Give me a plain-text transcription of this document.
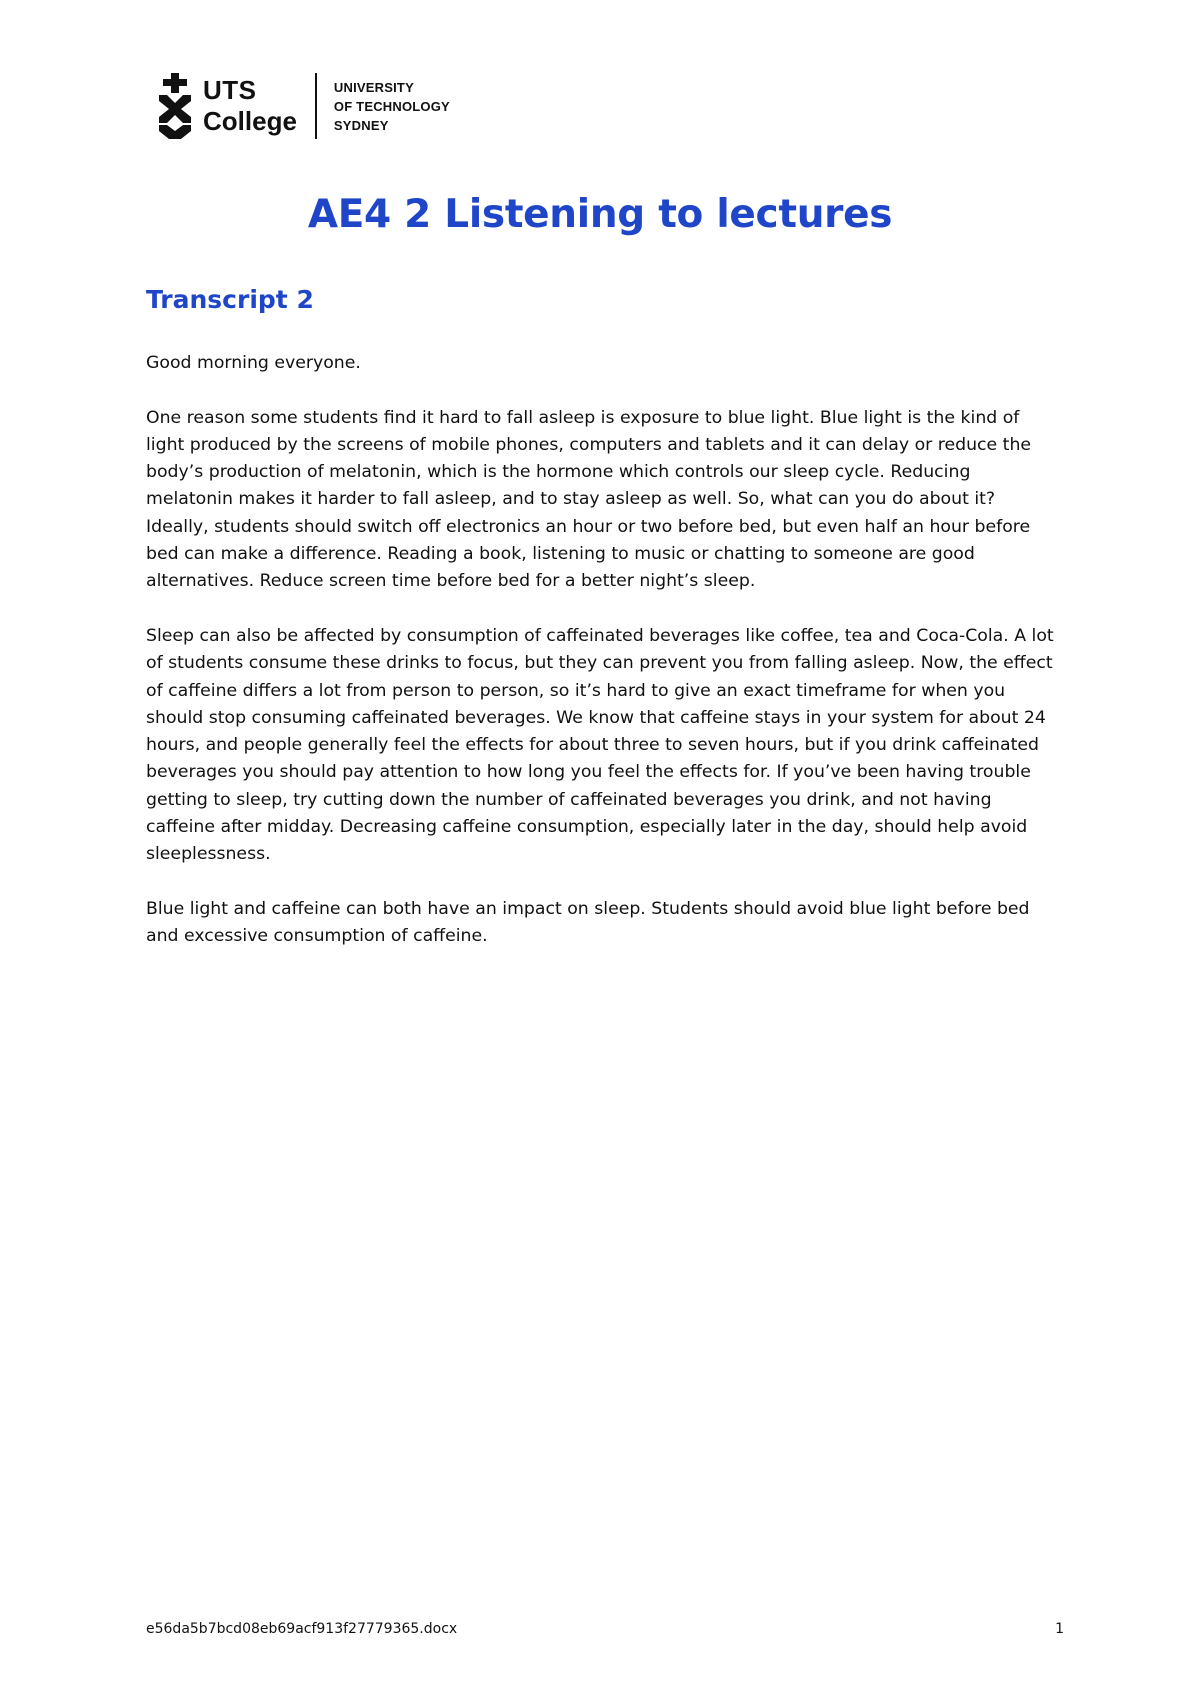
UTS
College
UNIVERSITY
OF TECHNOLOGY
SYDNEY
AE4 2 Listening to lectures
Transcript 2

Good morning everyone.

One reason some students find it hard to fall asleep is exposure to blue light. Blue light is the kind of light produced by the screens of mobile phones, computers and tablets and it can delay or reduce the body’s production of melatonin, which is the hormone which controls our sleep cycle. Reducing melatonin makes it harder to fall asleep, and to stay asleep as well. So, what can you do about it? Ideally, students should switch off electronics an hour or two before bed, but even half an hour before bed can make a difference. Reading a book, listening to music or chatting to someone are good alternatives. Reduce screen time before bed for a better night’s sleep.

Sleep can also be affected by consumption of caffeinated beverages like coffee, tea and Coca-Cola. A lot of students consume these drinks to focus, but they can prevent you from falling asleep. Now, the effect of caffeine differs a lot from person to person, so it’s hard to give an exact timeframe for when you should stop consuming caffeinated beverages. We know that caffeine stays in your system for about 24 hours, and people generally feel the effects for about three to seven hours, but if you drink caffeinated beverages you should pay attention to how long you feel the effects for. If you’ve been having trouble getting to sleep, try cutting down the number of caffeinated beverages you drink, and not having caffeine after midday. Decreasing caffeine consumption, especially later in the day, should help avoid sleeplessness.

Blue light and caffeine can both have an impact on sleep. Students should avoid blue light before bed and excessive consumption of caffeine.

e56da5b7bcd08eb69acf913f27779365.docx	1
